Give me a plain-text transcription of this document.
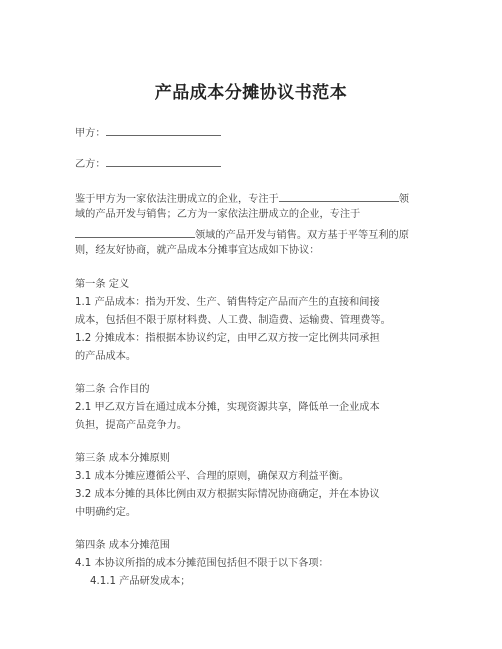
产品成本分摊协议书范本
甲方：
乙方：
鉴于甲方为一家依法注册成立的企业，专注于	领
域的产品开发与销售；乙方为一家依法注册成立的企业，专注于
领域的产品开发与销售。双方基于平等互利的原
则，经友好协商，就产品成本分摊事宜达成如下协议：
第一条 定义
1.1 产品成本：指为开发、生产、销售特定产品而产生的直接和间接
成本，包括但不限于原材料费、人工费、制造费、运输费、管理费等。
1.2 分摊成本：指根据本协议约定，由甲乙双方按一定比例共同承担
的产品成本。
第二条 合作目的
2.1 甲乙双方旨在通过成本分摊，实现资源共享，降低单一企业成本
负担，提高产品竞争力。
第三条 成本分摊原则
3.1 成本分摊应遵循公平、合理的原则，确保双方利益平衡。
3.2 成本分摊的具体比例由双方根据实际情况协商确定，并在本协议
中明确约定。
第四条 成本分摊范围
4.1 本协议所指的成本分摊范围包括但不限于以下各项：
4.1.1 产品研发成本；
